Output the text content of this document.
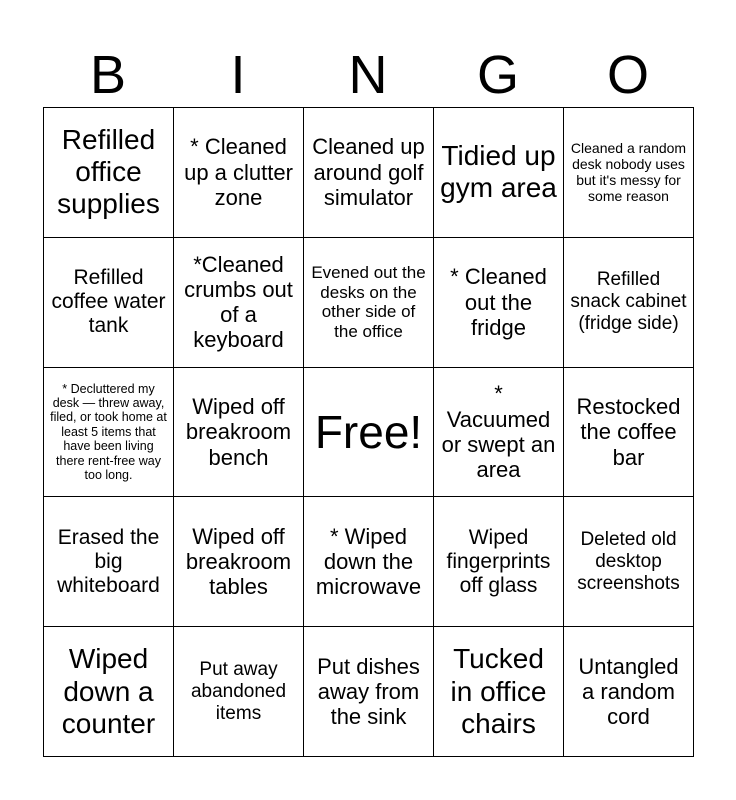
B	I	N	G	O
Refilled office supplies	* Cleaned up a clutter zone	Cleaned up around golf simulator	Tidied up gym area	Cleaned a random desk nobody uses but it's messy for some reason
Refilled coffee water tank	*Cleaned crumbs out of a keyboard	Evened out the desks on the other side of the office	* Cleaned out the fridge	Refilled snack cabinet (fridge side)
* Decluttered my desk — threw away, filed, or took home at least 5 items that have been living there rent-free way too long.	Wiped off breakroom bench	Free!	* Vacuumed or swept an area	Restocked the coffee bar
Erased the big whiteboard	Wiped off breakroom tables	* Wiped down the microwave	Wiped fingerprints off glass	Deleted old desktop screenshots
Wiped down a counter	Put away abandoned items	Put dishes away from the sink	Tucked in office chairs	Untangled a random cord
